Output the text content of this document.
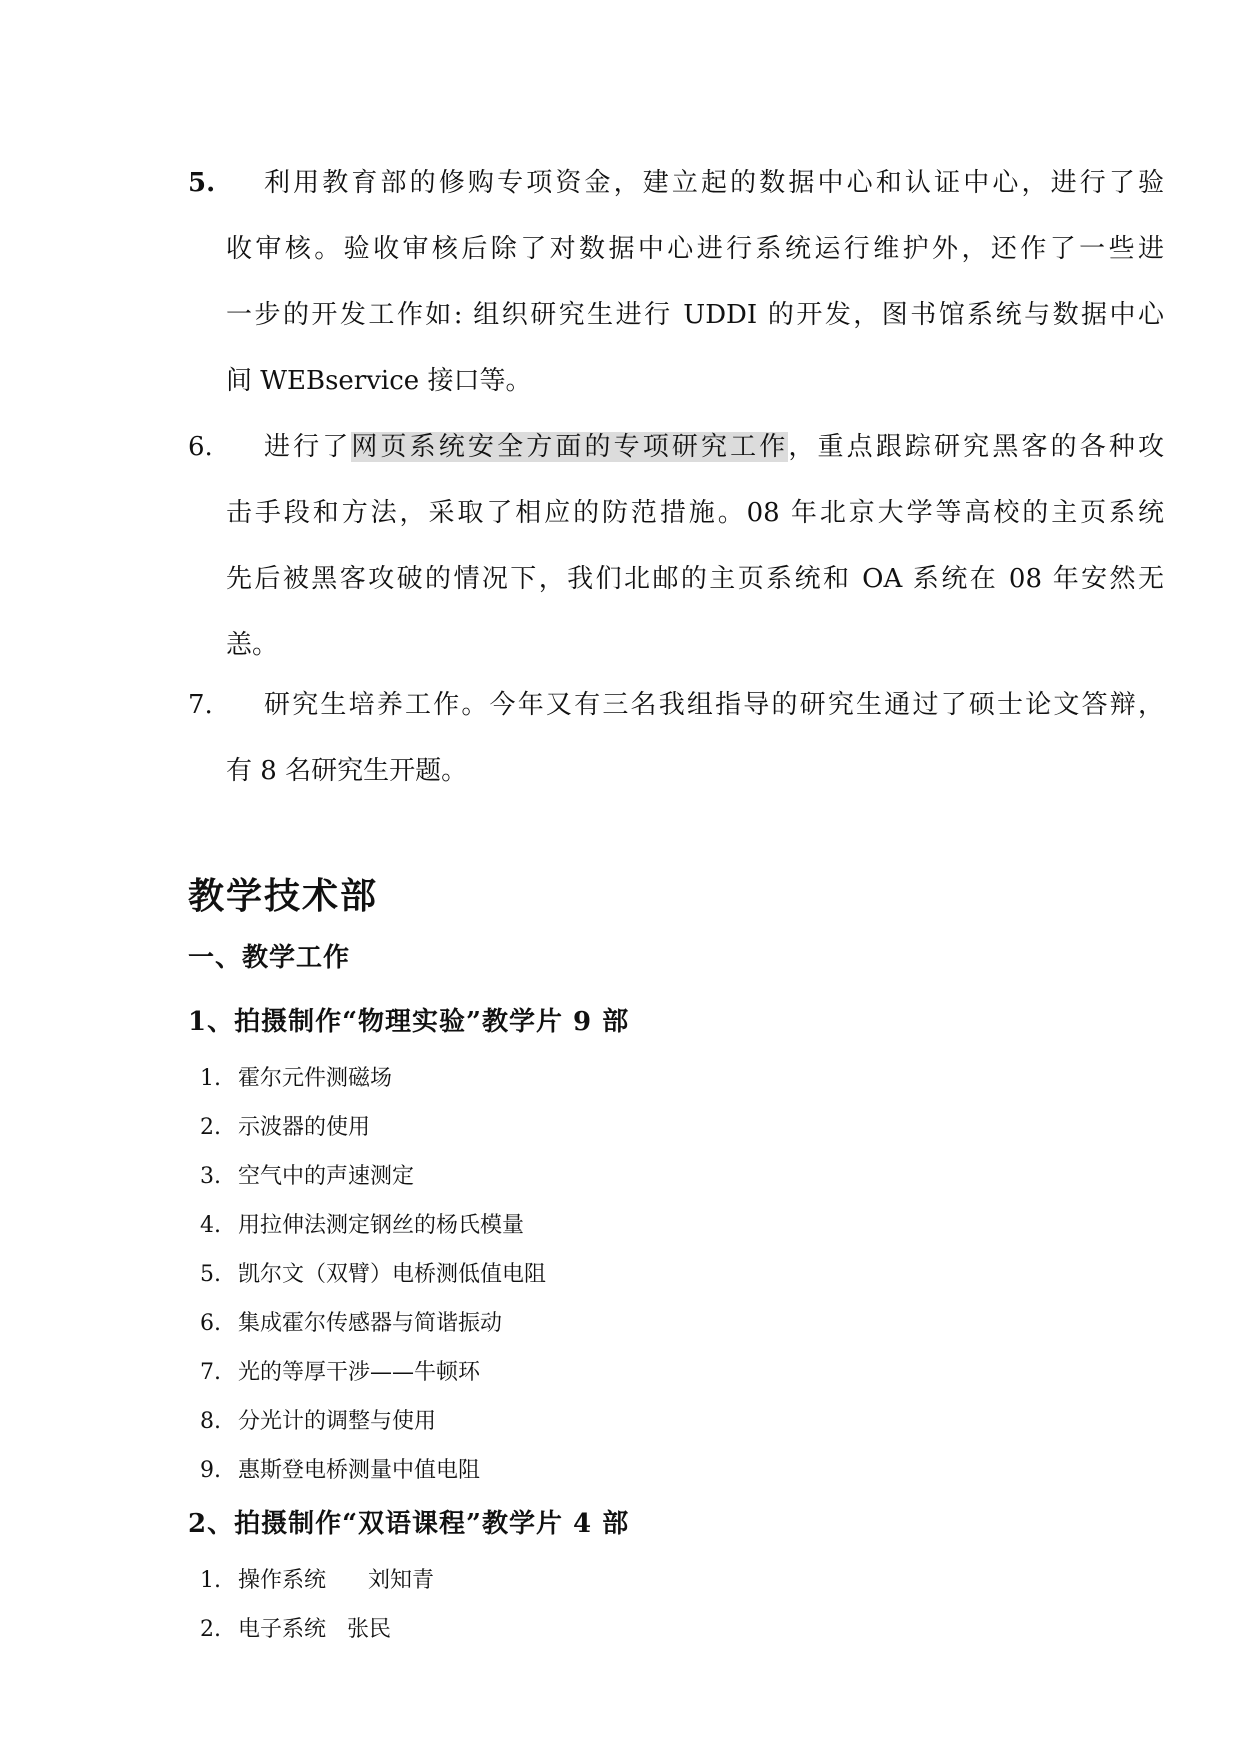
5. 利用教育部的修购专项资金，建立起的数据中心和认证中心，进行了验
收审核。验收审核后除了对数据中心进行系统运行维护外，还作了一些进
一步的开发工作如: 组织研究生进行 UDDI 的开发，图书馆系统与数据中心
间 WEBservice 接口等。
6. 进行了网页系统安全方面的专项研究工作，重点跟踪研究黑客的各种攻
击手段和方法，采取了相应的防范措施。08 年北京大学等高校的主页系统
先后被黑客攻破的情况下，我们北邮的主页系统和 OA 系统在 08 年安然无
恙。
7. 研究生培养工作。今年又有三名我组指导的研究生通过了硕士论文答辩，
有 8 名研究生开题。
教学技术部
一、教学工作
1、拍摄制作“物理实验”教学片 9 部
1. 霍尔元件测磁场
2. 示波器的使用
3. 空气中的声速测定
4. 用拉伸法测定钢丝的杨氏模量
5. 凯尔文（双臂）电桥测低值电阻
6. 集成霍尔传感器与简谐振动
7. 光的等厚干涉——牛顿环
8. 分光计的调整与使用
9. 惠斯登电桥测量中值电阻
2、拍摄制作“双语课程”教学片 4 部
1. 操作系统      刘知青
2. 电子系统   张民
